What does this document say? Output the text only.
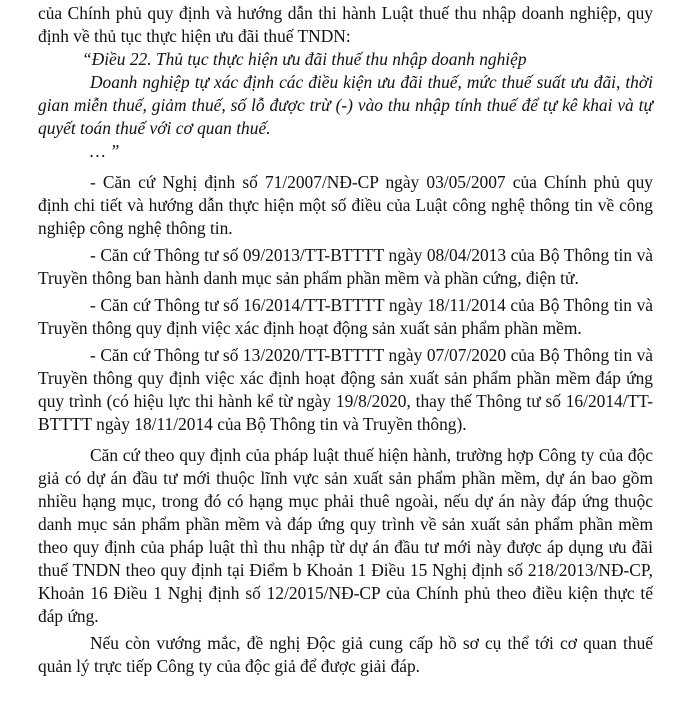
của Chính phủ quy định và hướng dẫn thi hành Luật thuế thu nhập doanh nghiệp, quy định về thủ tục thực hiện ưu đãi thuế TNDN:

“Điều 22. Thủ tục thực hiện ưu đãi thuế thu nhập doanh nghiệp

Doanh nghiệp tự xác định các điều kiện ưu đãi thuế, mức thuế suất ưu đãi, thời gian miễn thuế, giảm thuế, số lỗ được trừ (-) vào thu nhập tính thuế để tự kê khai và tự quyết toán thuế với cơ quan thuế.

… ”

- Căn cứ Nghị định số 71/2007/NĐ-CP ngày 03/05/2007 của Chính phủ quy định chi tiết và hướng dẫn thực hiện một số điều của Luật công nghệ thông tin về công nghiệp công nghệ thông tin.

- Căn cứ Thông tư số 09/2013/TT-BTTTT ngày 08/04/2013 của Bộ Thông tin và Truyền thông ban hành danh mục sản phẩm phần mềm và phần cứng, điện tử.

- Căn cứ Thông tư số 16/2014/TT-BTTTT ngày 18/11/2014 của Bộ Thông tin và Truyền thông quy định việc xác định hoạt động sản xuất sản phẩm phần mềm.

- Căn cứ Thông tư số 13/2020/TT-BTTTT ngày 07/07/2020 của Bộ Thông tin và Truyền thông quy định việc xác định hoạt động sản xuất sản phẩm phần mềm đáp ứng quy trình (có hiệu lực thi hành kể từ ngày 19/8/2020, thay thế Thông tư số 16/2014/TT-BTTTT ngày 18/11/2014 của Bộ Thông tin và Truyền thông).

Căn cứ theo quy định của pháp luật thuế hiện hành, trường hợp Công ty của độc giả có dự án đầu tư mới thuộc lĩnh vực sản xuất sản phẩm phần mềm, dự án bao gồm nhiều hạng mục, trong đó có hạng mục phải thuê ngoài, nếu dự án này đáp ứng thuộc danh mục sản phẩm phần mềm và đáp ứng quy trình về sản xuất sản phẩm phần mềm theo quy định của pháp luật thì thu nhập từ dự án đầu tư mới này được áp dụng ưu đãi thuế TNDN theo quy định tại Điểm b Khoản 1 Điều 15 Nghị định số 218/2013/NĐ-CP, Khoản 16 Điều 1 Nghị định số 12/2015/NĐ-CP của Chính phủ theo điều kiện thực tế đáp ứng.

Nếu còn vướng mắc, đề nghị Độc giả cung cấp hồ sơ cụ thể tới cơ quan thuế quản lý trực tiếp Công ty của độc giả để được giải đáp.
